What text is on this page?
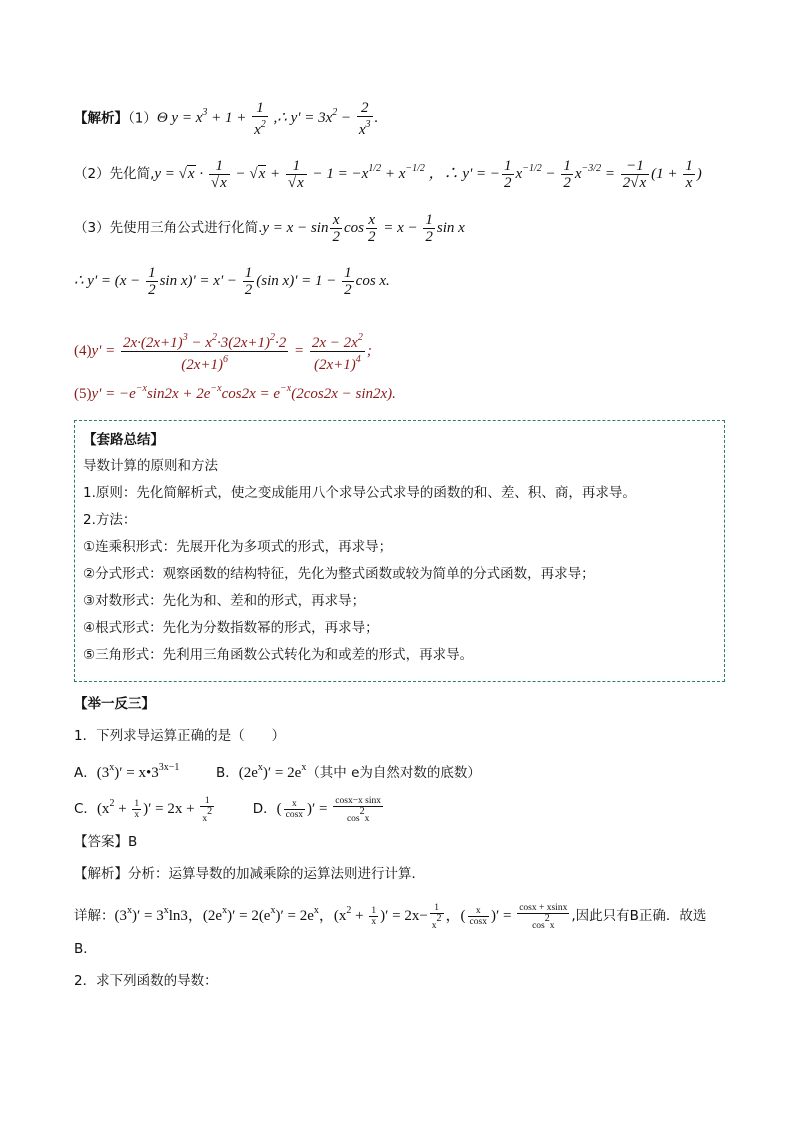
【解析】（1）Θ $y = x^3 + 1 + \frac{1}{x^2}$ ,∴ $y' = 3x^2 - \frac{2}{x^3}$ .
（2）先化简$,y = √x \cdot \frac{1}{√x} - √x + \frac{1}{√x} - 1 = -x^{1/2} + x^{-1/2}$ ，∴ y' = − $\frac{1}{2} x^{-1/2} - \frac{1}{2} x^{-3/2} = \frac{-1}{2√x} (1 + \frac{1}{x}$ )
（3）先使用三角公式进行化简$.y = x - \sin \frac{x}{2}$ $\cos \frac{x}{2} = x - \frac{1}{2}$ sin x
∴ $y' = (x - \frac{1}{2}$ $\sin x)' = x' - \frac{1}{2} (\sin$ $x)' = 1 - \frac{1}{2}$ cos x.
$(4)y' = \frac{2x\cdot(2x+1)^3 - x^2\cdot 3(2x+1)^2\cdot 2}{(2x+1)^6} = \frac{2x - 2x^2}{(2x+1)^4}$ ;
$(5)y' = -e^{-x}\sin 2x + 2e^{-x}\cos 2x = e^{-x}(2\cos 2x - \sin 2x)$.
【套路总结】
导数计算的原则和方法
1.原则：先化简解析式，使之变成能用八个求导公式求导的函数的和、差、积、商，再求导。
2.方法：
①连乘积形式：先展开化为多项式的形式，再求导；
②分式形式：观察函数的结构特征，先化为整式函数或较为简单的分式函数，再求导；
③对数形式：先化为和、差和的形式，再求导；
④根式形式：先化为分数指数幂的形式，再求导；
⑤三角形式：先利用三角函数公式转化为和或差的形式，再求导。
【举一反三】
1．下列求导运算正确的是（　　）
A．$(3^x)'$ = $x•3^{3x-1}$	B．$(2e^x)' = 2e^x$（其中 e为自然对数的底数）
C．($x^2 + \frac{1}{x}$ )′ = $2x + \frac{1}{x2}$	D．( $\frac{x}{\cos x}$ )′ = $\frac{\text{cosx−x sinx}}{\cos 2x}$
【答案】B
【解析】分析：运算导数的加减乘除的运算法则进行计算．
详解：$(3^x)' = 3^x\ln 3$，$(2e^x)' = 2(e^x)' = 2e^x$，($x^2 + \frac{1}{x}$ )′ = $2x- \frac{1}{x2}$ ，( $\frac{x}{\cos x}$ )′ = $\frac{\cos x + xsinx}{\cos 2x}$ ,因此只有B正确．故选
B．
2．求下列函数的导数：
